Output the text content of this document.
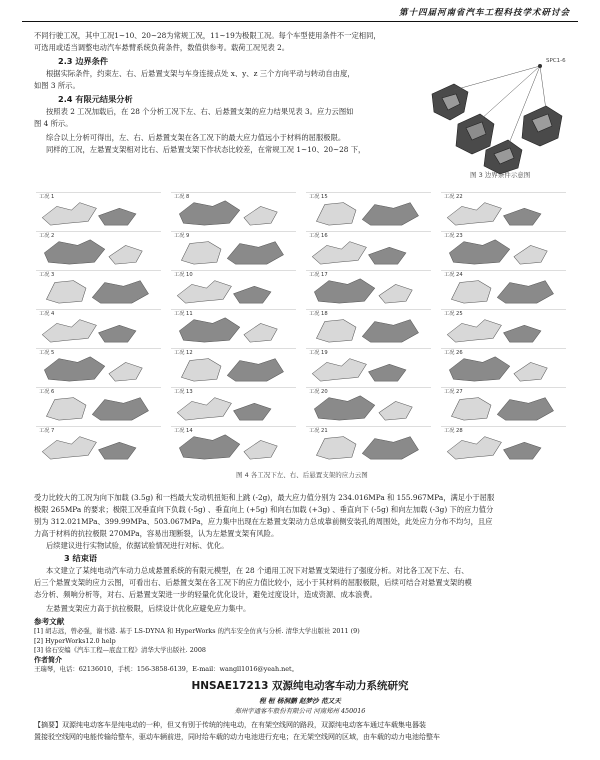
第十四届河南省汽车工程科技学术研讨会
不同行驶工况，其中工况1~10、20~28为常规工况，11~19为极限工况。每个车型使用条件不一定相同，
可选用或适当调整电动汽车悬臂系统负荷条件，数值供参考。载荷工况见表 2。
2.3 边界条件
根据实际条件，约束左、右、后悬置支架与车身连接点处 x、y、z 三个方向平动与转动自由度，
如图 3 所示。
2.4 有限元结果分析
按照表 2 工况加载后，在 28 个分析工况下左、右、后悬置支架的应力结果见表 3。应力云图如
图 4 所示。
综合以上分析可得出，左、右、后悬置支架在各工况下的最大应力值远小于材料的屈服极限。
同样的工况，左悬置支架相对比右、后悬置支架下作状态比较差，在常规工况 1~10、20~28 下，
SPC1-6
图 3 边界条件示意图
工况 1	工况 8	工况 15	工况 22
工况 2	工况 9	工况 16	工况 23
工况 3	工况 10	工况 17	工况 24
工况 4	工况 11	工况 18	工况 25
工况 5	工况 12	工况 19	工况 26
工况 6	工况 13	工况 20	工况 27
工况 7	工况 14	工况 21	工况 28
图 4 各工况下左、右、后悬置支架的应力云图
受力比较大的工况为向下加载 (3.5g) 和一档最大发动机扭矩和上跳 (-2g)，最大应力值分别为 234.016MPa 和 155.967MPa，满足小于屈服
极限 265MPa 的要求；极限工况垂直向下负载 (-5g) 、垂直向上 (+5g) 和向右加载 (+3g) 、垂直向下 (-5g) 和向左加载 (-3g) 下的应力值分
别为 312.021MPa、399.99MPa、503.067MPa，应力集中出现在左悬置支架动力总成靠前侧安装孔的周围处，此处应力分布不均匀，且应
力高于材料的抗拉极限 270MPa，容易出现断裂，认为左悬置支架有风险。
后续建议进行实物试验，依据试验情况进行对标、优化。
3 结束语
本文建立了某纯电动汽车动力总成悬置系统的有限元模型，在 28 个通用工况下对悬置支架进行了强度分析。对比各工况下左、右、
后三个悬置支架的应力云图，可看出右、后悬置支架在各工况下的应力值比较小，远小于其材料的屈服极限，后续可结合对悬置支架的模
态分析、频响分析等，对右、后悬置支架进一步的轻量化优化设计，避免过度设计，造成资源、成本浪费。
左悬置支架应力高于抗拉极限，后续设计优化应避免应力集中。
参考文献
[1] 胡志远，曾必强，谢书港. 基于 LS-DYNA 和 HyperWorks 的汽车安全仿真与分析. 清华大学出版社 2011 (9)
[2] HyperWorks12.0 help
[3] 徐石安编《汽车工程—底盘工程》清华大学出版社. 2008
作者简介
王瑞琴，电话：62136010，手机：156-3858-6139，E-mail：wangll1016@yeah.net。
HNSAE17213 双源纯电动客车动力系统研究
程 桓 杨洞鹏 赵梦沙 范又天
郑州宇通客车股份有限公司 河南郑州 450016
【摘要】双源纯电动客车是纯电动的一种，但又有别于传统的纯电动，在有架空线网的路段，双源纯电动客车通过车载集电器装
置接驳空线网的电能传输给整车，驱动车辆前进，同时给车载的动力电池进行充电；在无架空线网的区域，由车载的动力电池给整车
